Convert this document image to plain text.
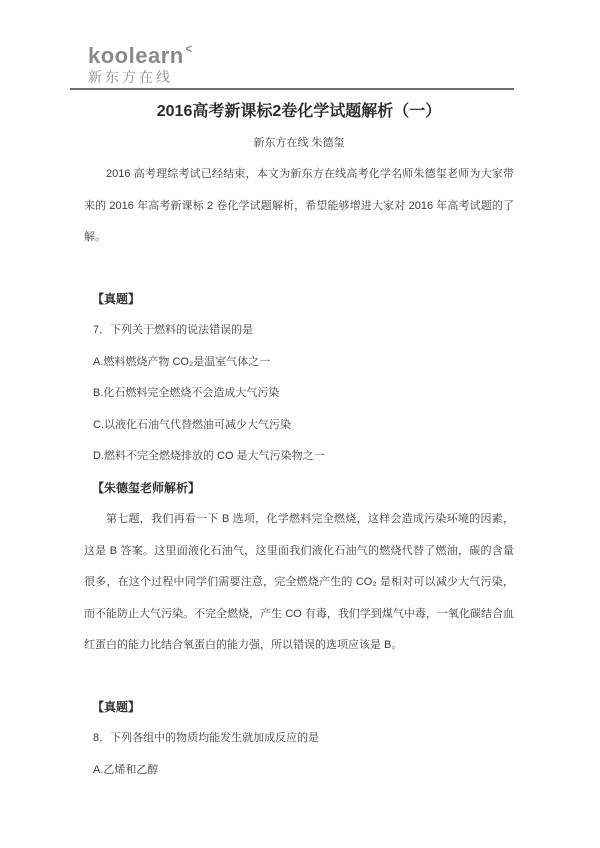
koolearn <
新东方在线
2016高考新课标2卷化学试题解析（一）
新东方在线 朱德玺

2016 高考理综考试已经结束，本文为新东方在线高考化学名师朱德玺老师为大家带来的 2016 年高考新课标 2 卷化学试题解析，希望能够增进大家对 2016 年高考试题的了解。

【真题】
7．下列关于燃料的说法错误的是
A.燃料燃烧产物 CO₂是温室气体之一
B.化石燃料完全燃烧不会造成大气污染
C.以液化石油气代替燃油可减少大气污染
D.燃料不完全燃烧排放的 CO 是大气污染物之一
【朱德玺老师解析】

第七题，我们再看一下 B 选项，化学燃料完全燃烧，这样会造成污染环境的因素，这是 B 答案。这里面液化石油气，这里面我们液化石油气的燃烧代替了燃油，碳的含量很多，在这个过程中同学们需要注意，完全燃烧产生的 CO₂ 是相对可以减少大气污染，而不能防止大气污染。不完全燃烧，产生 CO 有毒，我们学到煤气中毒，一氧化碳结合血红蛋白的能力比结合氧蛋白的能力强，所以错误的选项应该是 B。

【真题】
8．下列各组中的物质均能发生就加成反应的是
A.乙烯和乙醇
